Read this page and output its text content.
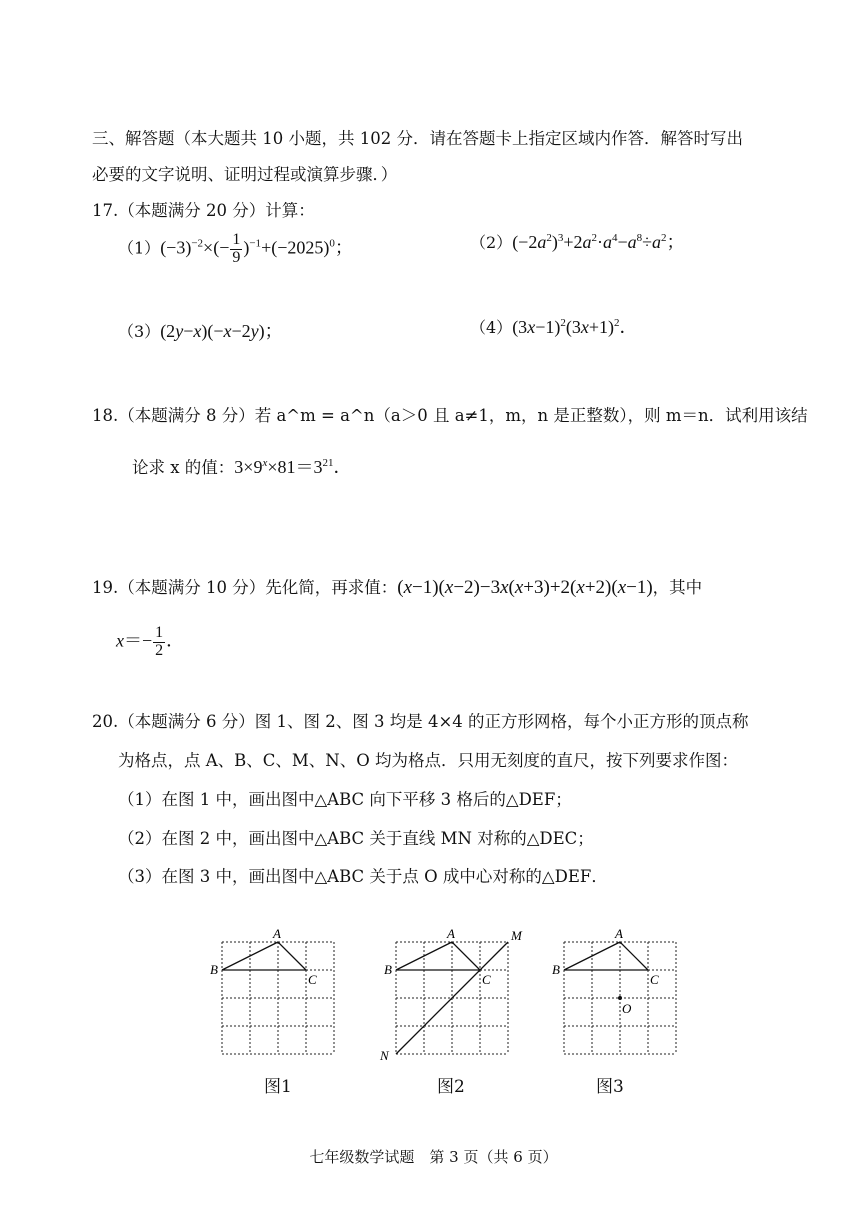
三、解答题（本大题共 10 小题，共 102 分．请在答题卡上指定区域内作答．解答时写出
必要的文字说明、证明过程或演算步骤．）
17.（本题满分 20 分）计算：
$(1)(-3)^{-2}\times(- \frac{1}{9} )^{-1}+(-2025)^0$；	$(2)(-2a^2)^3+2a^2\cdot a^4-a^8\div a^2$；
（3）(2y−x)(−x−2y)；	$(4)(3x-1)^2(3x+1)^2$．
18.（本题满分 8 分）若 a^m = a^n（a＞0 且 a≠1，m，n 是正整数），则 m＝n．试利用该结
论求 x 的值：$3\times 9^x\times 81=3^{21}$．
19.（本题满分 10 分）先化简，再求值：(x−1)(x−2)−3x(x+3)+2(x+2)(x−1)，其中
$x=- \frac{1}{2}$ ．
20.（本题满分 6 分）图 1、图 2、图 3 均是 4×4 的正方形网格，每个小正方形的顶点称
为格点，点 A、B、C、M、N、O 均为格点．只用无刻度的直尺，按下列要求作图：
（1）在图 1 中，画出图中△ABC 向下平移 3 格后的△DEF；
（2）在图 2 中，画出图中△ABC 关于直线 MN 对称的△DEC；
（3）在图 3 中，画出图中△ABC 关于点 O 成中心对称的△DEF．
A
B
C
图1
A
B
C
M
N
图2
A
B
C
O
图3
七年级数学试题　第 3 页（共 6 页）
